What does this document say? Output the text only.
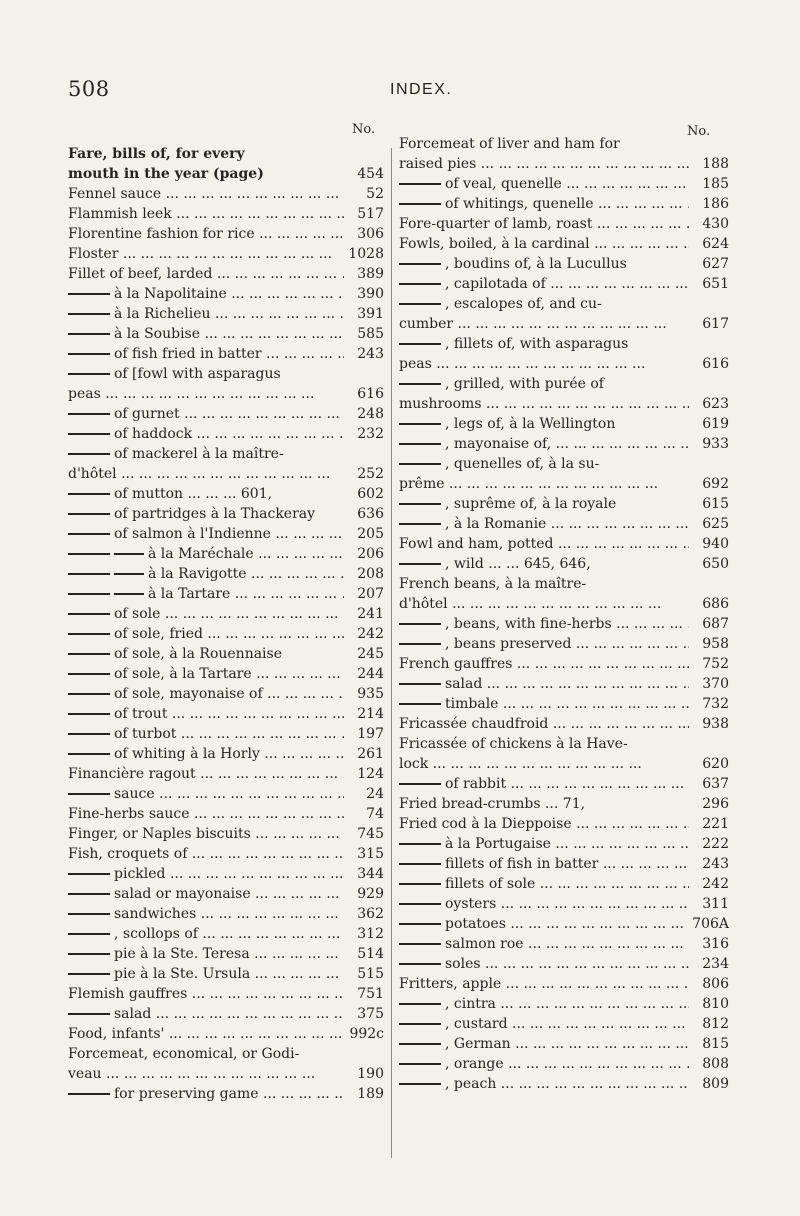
508	INDEX.
No.
Fare, bills of, for every
mouth in the year (page)	454
Fennel sauce ... .	52
Flammish leek ... .	517
Florentine fashion for rice ... .	306
Floster ... .	1028
Fillet of beef, larded ... .	389
à la Napolitaine ... .	390
à la Richelieu ... .	391
à la Soubise ... .	585
of fish fried in batter ... .	243
of [fowl with asparagus
peas ... .	616
of gurnet ... .	248
of haddock ... .	232
of mackerel à la maître-
d'hôtel ... .	252
of mutton ... ... ... 601,	602
of partridges à la Thackeray	636
of salmon à l'Indienne ... .	205
à la Maréchale ... .	206
à la Ravigotte ... .	208
à la Tartare ... .	207
of sole ... .	241
of sole, fried ... .	242
of sole, à la Rouennaise	245
of sole, à la Tartare ... .	244
of sole, mayonaise of ... .	935
of trout ... .	214
of turbot ... .	197
of whiting à la Horly ... .	261
Financière ragout ... .	124
sauce ... .	24
Fine-herbs sauce ... .	74
Finger, or Naples biscuits ... .	745
Fish, croquets of ... .	315
pickled ... .	344
salad or mayonaise ... .	929
sandwiches ... .	362
, scollops of ... .	312
pie à la Ste. Teresa ... .	514
pie à la Ste. Ursula ... .	515
Flemish gauffres ... .	751
salad ... .	375
Food, infants' ... .	992c
Forcemeat, economical, or Godi-
veau ... .	190
for preserving game ... .	189
No.
Forcemeat of liver and ham for
raised pies ... .	188
of veal, quenelle ... .	185
of whitings, quenelle ... .	186
Fore-quarter of lamb, roast ... .	430
Fowls, boiled, à la cardinal ... .	624
, boudins of, à la Lucullus	627
, capilotada of ... .	651
, escalopes of, and cu-
cumber ... .	617
, fillets of, with asparagus
peas ... .	616
, grilled, with purée of
mushrooms ... .	623
, legs of, à la Wellington	619
, mayonaise of, ... .	933
, quenelles of, à la su-
prême ... .	692
, suprême of, à la royale	615
, à la Romanie ... .	625
Fowl and ham, potted ... .	940
, wild ... ... 645, 646,	650
French beans, à la maître-
d'hôtel ... .	686
, beans, with fine-herbs ... .	687
, beans preserved ... .	958
French gauffres ... .	752
salad ... .	370
timbale ... .	732
Fricassée chaudfroid ... .	938
Fricassée of chickens à la Have-
lock ... .	620
of rabbit ... .	637
Fried bread-crumbs ... 71,	296
Fried cod à la Dieppoise ... .	221
à la Portugaise ... .	222
fillets of fish in batter ... .	243
fillets of sole ... .	242
oysters ... .	311
potatoes ... .	706A
salmon roe ... .	316
soles ... .	234
Fritters, apple ... .	806
, cintra ... .	810
, custard ... .	812
, German ... .	815
, orange ... .	808
, peach ... .	809
